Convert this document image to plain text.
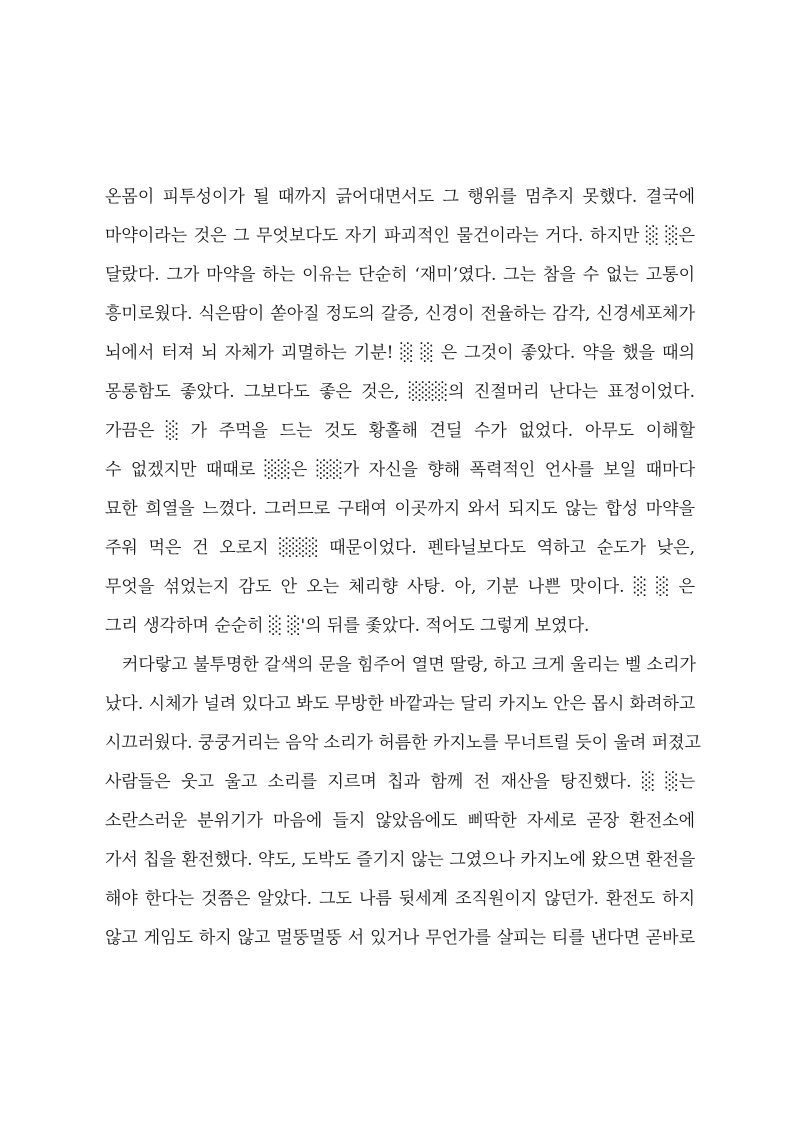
온몸이 피투성이가 될 때까지 긁어대면서도 그 행위를 멈추지 못했다. 결국에
마약이라는 것은 그 무엇보다도 자기 파괴적인 물건이라는 거다. 하지만 ░ ░은
달랐다. 그가 마약을 하는 이유는 단순히 ‘재미’였다. 그는 참을 수 없는 고통이
흥미로웠다. 식은땀이 쏟아질 정도의 갈증, 신경이 전율하는 감각, 신경세포체가
뇌에서 터져 뇌 자체가 괴멸하는 기분! ░ ░ 은 그것이 좋았다. 약을 했을 때의
몽롱함도 좋았다. 그보다도 좋은 것은, ░░░의 진절머리 난다는 표정이었다.
가끔은 ░ 가 주먹을 드는 것도 황홀해 견딜 수가 없었다. 아무도 이해할
수 없겠지만 때때로 ░░은 ░░가 자신을 향해 폭력적인 언사를 보일 때마다
묘한 희열을 느꼈다. 그러므로 구태여 이곳까지 와서 되지도 않는 합성 마약을
주워 먹은 건 오로지 ░░░ 때문이었다. 펜타닐보다도 역하고 순도가 낮은,
무엇을 섞었는지 감도 안 오는 체리향 사탕. 아, 기분 나쁜 맛이다. ░ ░ 은
그리 생각하며 순순히 ░ ░'의 뒤를 좇았다. 적어도 그렇게 보였다.
커다랗고 불투명한 갈색의 문을 힘주어 열면 딸랑, 하고 크게 울리는 벨 소리가
났다. 시체가 널려 있다고 봐도 무방한 바깥과는 달리 카지노 안은 몹시 화려하고
시끄러웠다. 쿵쿵거리는 음악 소리가 허름한 카지노를 무너트릴 듯이 울려 퍼졌고
사람들은 웃고 울고 소리를 지르며 칩과 함께 전 재산을 탕진했다. ░ ░는
소란스러운 분위기가 마음에 들지 않았음에도 삐딱한 자세로 곧장 환전소에
가서 칩을 환전했다. 약도, 도박도 즐기지 않는 그였으나 카지노에 왔으면 환전을
해야 한다는 것쯤은 알았다. 그도 나름 뒷세계 조직원이지 않던가. 환전도 하지
않고 게임도 하지 않고 멀뚱멀뚱 서 있거나 무언가를 살피는 티를 낸다면 곧바로
